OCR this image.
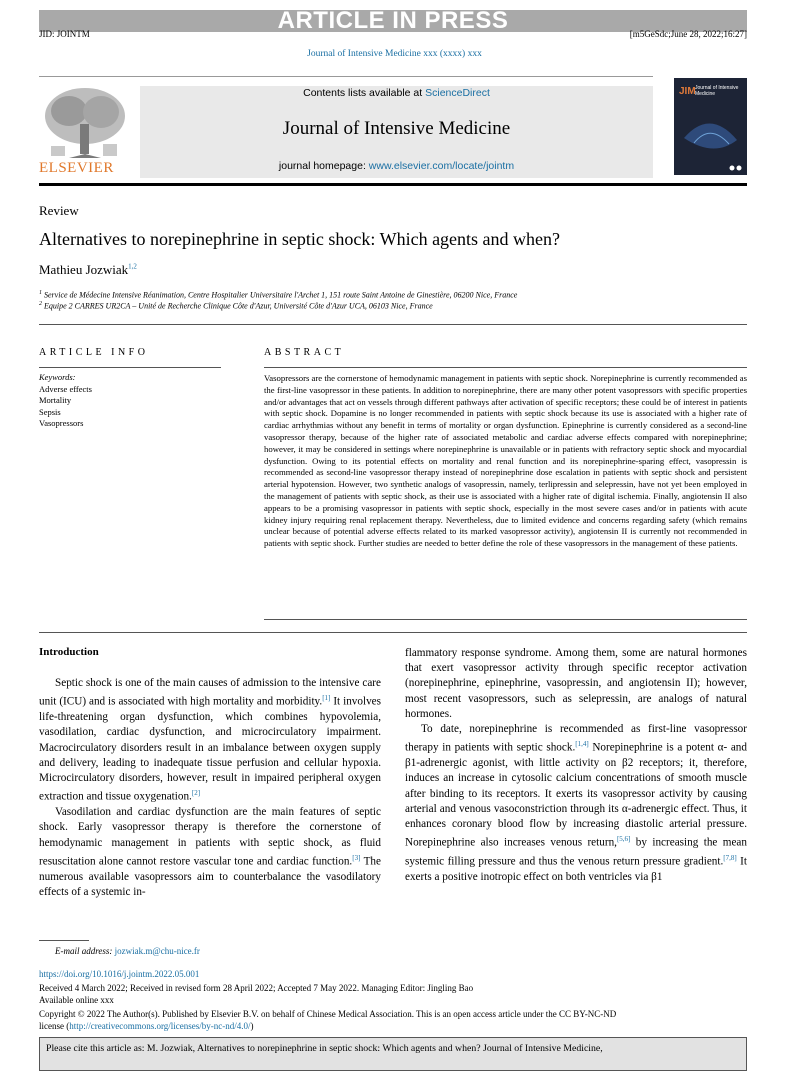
ARTICLE IN PRESS
JID: JOINTM	[m5GeSdc;June 28, 2022;16:27]
Journal of Intensive Medicine xxx (xxxx) xxx
ELSEVIER
Contents lists available at ScienceDirect
Journal of Intensive Medicine
journal homepage: www.elsevier.com/locate/jointm
JIM Journal of Intensive Medicine
Review
Alternatives to norepinephrine in septic shock: Which agents and when?
Mathieu Jozwiak$^{1,2}$
$^1$ Service de Médecine Intensive Réanimation, Centre Hospitalier Universitaire l'Archet 1, 151 route Saint Antoine de Ginestière, 06200 Nice, France
$^2$ Equipe 2 CARRES UR2CA – Unité de Recherche Clinique Côte d'Azur, Université Côte d'Azur UCA, 06103 Nice, France
ARTICLE INFO	ABSTRACT
Keywords:
Adverse effects
Mortality
Sepsis
Vasopressors

Vasopressors are the cornerstone of hemodynamic management in patients with septic shock. Norepinephrine is currently recommended as the first-line vasopressor in these patients. In addition to norepinephrine, there are many other potent vasopressors with specific properties and/or advantages that act on vessels through different pathways after activation of specific receptors; these could be of interest in patients with septic shock. Dopamine is no longer recommended in patients with septic shock because its use is associated with a higher rate of cardiac arrhythmias without any benefit in terms of mortality or organ dysfunction. Epinephrine is currently considered as a second-line vasopressor therapy, because of the higher rate of associated metabolic and cardiac adverse effects compared with norepinephrine; however, it may be considered in settings where norepinephrine is unavailable or in patients with refractory septic shock and myocardial dysfunction. Owing to its potential effects on mortality and renal function and its norepinephrine-sparing effect, vasopressin is recommended as second-line vasopressor therapy instead of norepinephrine dose escalation in patients with septic shock and persistent arterial hypotension. However, two synthetic analogs of vasopressin, namely, terlipressin and selepressin, have not yet been employed in the management of patients with septic shock, as their use is associated with a higher rate of digital ischemia. Finally, angiotensin II also appears to be a promising vasopressor in patients with septic shock, especially in the most severe cases and/or in patients with acute kidney injury requiring renal replacement therapy. Nevertheless, due to limited evidence and concerns regarding safety (which remains unclear because of potential adverse effects related to its marked vasopressor activity), angiotensin II is currently not recommended in patients with septic shock. Further studies are needed to better define the role of these vasopressors in the management of these patients.

Introduction

Septic shock is one of the main causes of admission to the intensive care unit (ICU) and is associated with high mortality and morbidity.[1] It involves life-threatening organ dysfunction, which combines hypovolemia, vasodilation, cardiac dysfunction, and microcirculatory impairment. Macrocirculatory disorders result in an imbalance between oxygen supply and delivery, leading to inadequate tissue perfusion and cellular hypoxia. Microcirculatory disorders, however, result in impaired peripheral oxygen extraction and tissue oxygenation.[2]

Vasodilation and cardiac dysfunction are the main features of septic shock. Early vasopressor therapy is therefore the cornerstone of hemodynamic management in patients with septic shock, as fluid resuscitation alone cannot restore vascular tone and cardiac function.[3] The numerous available vasopressors aim to counterbalance the vasodilatory effects of a systemic in-

flammatory response syndrome. Among them, some are natural hormones that exert vasopressor activity through specific receptor activation (norepinephrine, epinephrine, vasopressin, and angiotensin II); however, most recent vasopressors, such as selepressin, are analogs of natural hormones.

To date, norepinephrine is recommended as first-line vasopressor therapy in patients with septic shock.[1,4] Norepinephrine is a potent α- and β1-adrenergic agonist, with little activity on β2 receptors; it, therefore, induces an increase in cytosolic calcium concentrations of smooth muscle after binding to its receptors. It exerts its vasopressor activity by causing arterial and venous vasoconstriction through its α-adrenergic effect. Thus, it enhances coronary blood flow by increasing diastolic arterial pressure. Norepinephrine also increases venous return,[5,6] by increasing the mean systemic filling pressure and thus the venous return pressure gradient.[7,8] It exerts a positive inotropic effect on both ventricles via β1

E-mail address: jozwiak.m@chu-nice.fr
https://doi.org/10.1016/j.jointm.2022.05.001
Received 4 March 2022; Received in revised form 28 April 2022; Accepted 7 May 2022. Managing Editor: Jingling Bao
Available online xxx
Copyright © 2022 The Author(s). Published by Elsevier B.V. on behalf of Chinese Medical Association. This is an open access article under the CC BY-NC-ND
license (http://creativecommons.org/licenses/by-nc-nd/4.0/)
Please cite this article as: M. Jozwiak, Alternatives to norepinephrine in septic shock: Which agents and when? Journal of Intensive Medicine,
